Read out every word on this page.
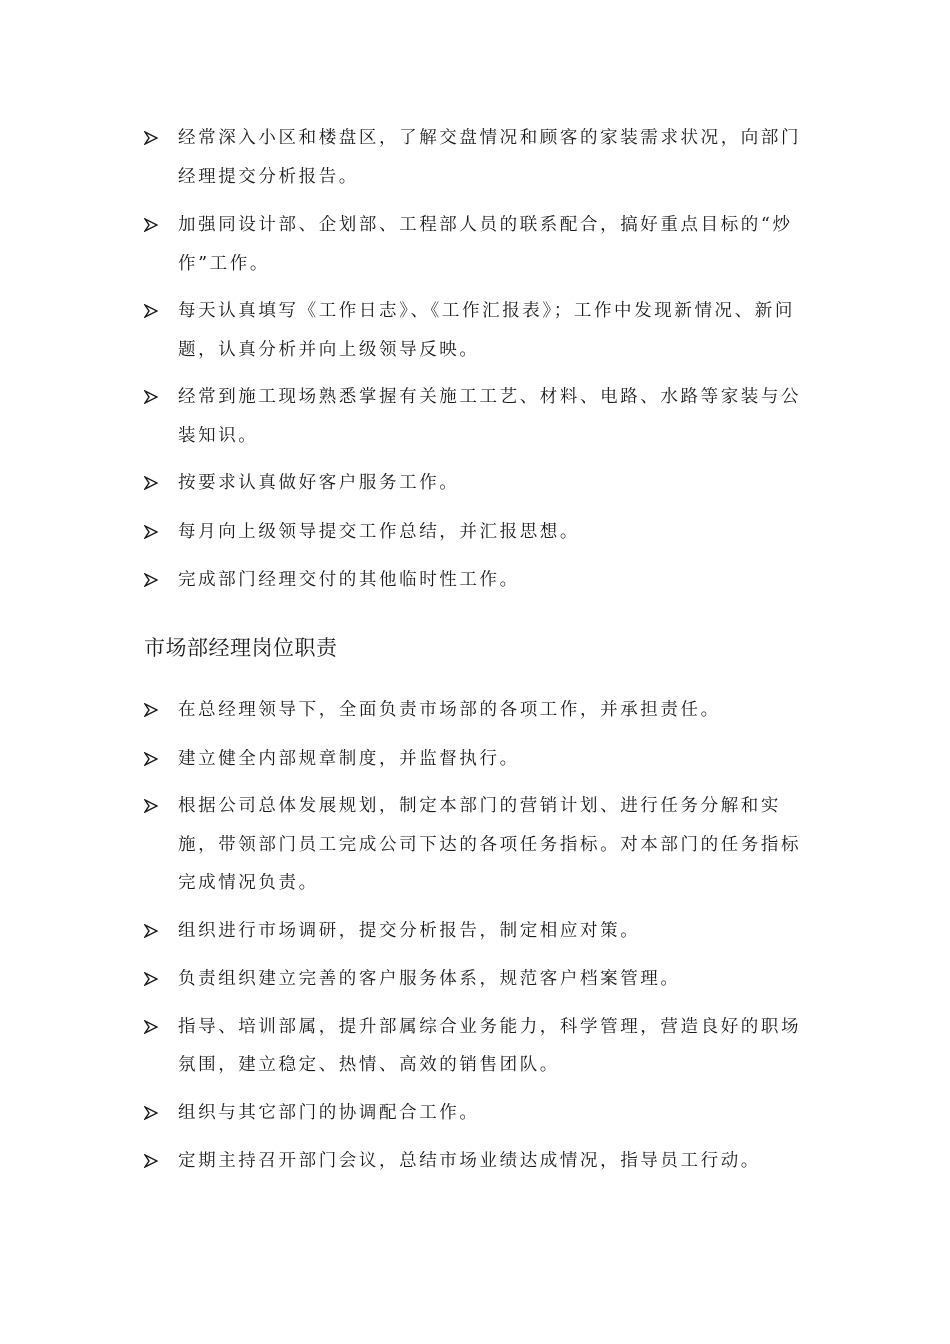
经常深入小区和楼盘区，了解交盘情况和顾客的家装需求状况，向部门经理提交分析报告。
加强同设计部、企划部、工程部人员的联系配合，搞好重点目标的“炒作”工作。
每天认真填写《工作日志》、《工作汇报表》；工作中发现新情况、新问题，认真分析并向上级领导反映。
经常到施工现场熟悉掌握有关施工工艺、材料、电路、水路等家装与公装知识。
按要求认真做好客户服务工作。
每月向上级领导提交工作总结，并汇报思想。
完成部门经理交付的其他临时性工作。
市场部经理岗位职责
在总经理领导下，全面负责市场部的各项工作，并承担责任。
建立健全内部规章制度，并监督执行。
根据公司总体发展规划，制定本部门的营销计划、进行任务分解和实施，带领部门员工完成公司下达的各项任务指标。对本部门的任务指标完成情况负责。
组织进行市场调研，提交分析报告，制定相应对策。
负责组织建立完善的客户服务体系，规范客户档案管理。
指导、培训部属，提升部属综合业务能力，科学管理，营造良好的职场氛围，建立稳定、热情、高效的销售团队。
组织与其它部门的协调配合工作。
定期主持召开部门会议，总结市场业绩达成情况，指导员工行动。
